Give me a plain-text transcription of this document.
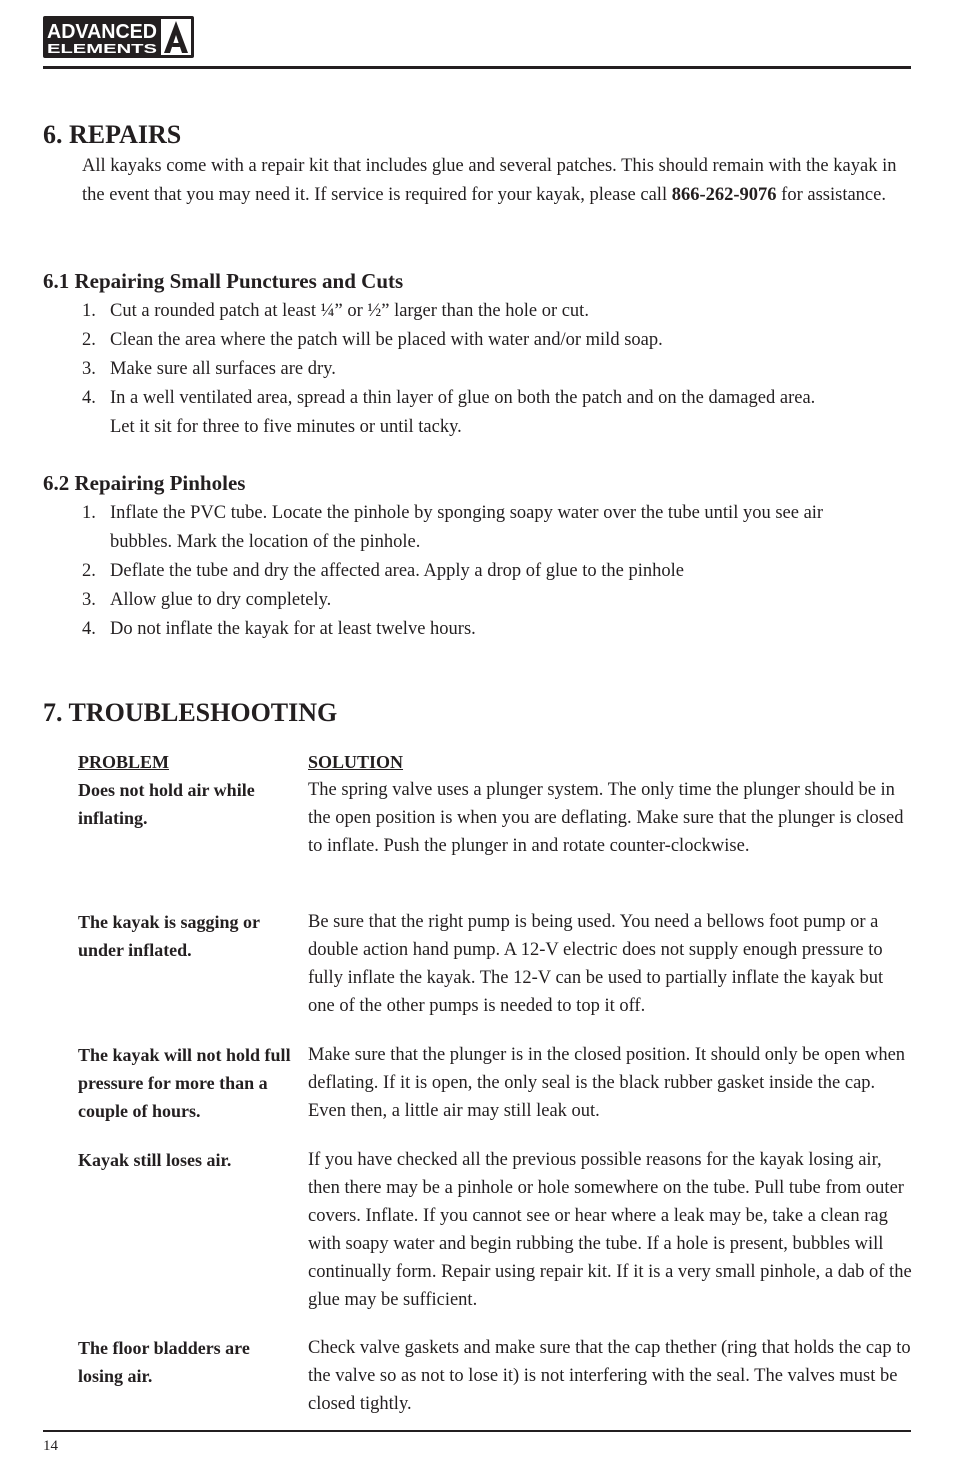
ADVANCED
ELEMENTS
6. REPAIRS

All kayaks come with a repair kit that includes glue and several patches. This should remain with the kayak in the event that you may need it. If service is required for your kayak, please call 866-262-9076 for assistance.

6.1 Repairing Small Punctures and Cuts
1. Cut a rounded patch at least ¼” or ½” larger than the hole or cut.
2. Clean the area where the patch will be placed with water and/or mild soap.
3. Make sure all surfaces are dry.
4. In a well ventilated area, spread a thin layer of glue on both the patch and on the damaged area. Let it sit for three to five minutes or until tacky.
6.2 Repairing Pinholes
1. Inflate the PVC tube. Locate the pinhole by sponging soapy water over the tube until you see air bubbles. Mark the location of the pinhole.
2. Deflate the tube and dry the affected area. Apply a drop of glue to the pinhole
3. Allow glue to dry completely.
4. Do not inflate the kayak for at least twelve hours.
7. TROUBLESHOOTING
PROBLEM	SOLUTION
Does not hold air while inflating.
The spring valve uses a plunger system. The only time the plunger should be in the open position is when you are deflating. Make sure that the plunger is closed to inflate. Push the plunger in and rotate counter-clockwise.
The kayak is sagging or under inflated.
Be sure that the right pump is being used. You need a bellows foot pump or a double action hand pump. A 12-V electric does not supply enough pressure to fully inflate the kayak. The 12-V can be used to partially inflate the kayak but one of the other pumps is needed to top it off.
The kayak will not hold full pressure for more than a couple of hours.
Make sure that the plunger is in the closed position. It should only be open when deflating. If it is open, the only seal is the black rubber gasket inside the cap. Even then, a little air may still leak out.
Kayak still loses air.	If you have checked all the previous possible reasons for the kayak losing air, then there may be a pinhole or hole somewhere on the tube. Pull tube from outer covers. Inflate. If you cannot see or hear where a leak may be, take a clean rag with soapy water and begin rubbing the tube. If a hole is present, bubbles will continually form. Repair using repair kit. If it is a very small pinhole, a dab of the glue may be sufficient.
The floor bladders are losing air.
Check valve gaskets and make sure that the cap thether (ring that holds the cap to the valve so as not to lose it) is not interfering with the seal. The valves must be closed tightly.
14
